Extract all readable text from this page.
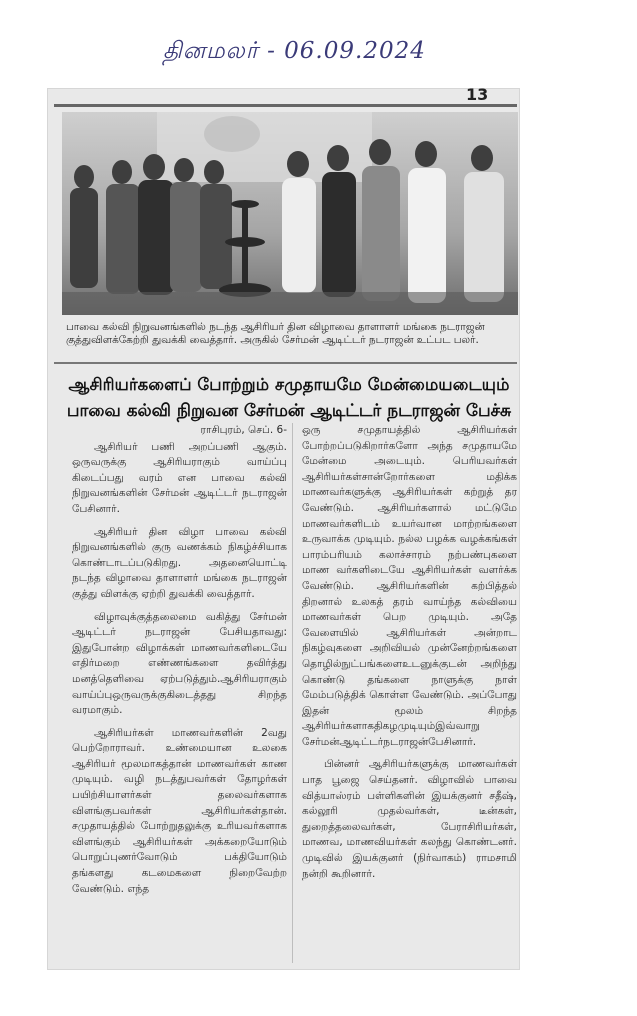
தினமலர் - 06.09.2024
13
பாவை கல்வி நிறுவனங்களில் நடந்த ஆசிரியர் தின விழாவை தாளாளர் மங்கை நடராஜன் குத்துவிளக்கேற்றி துவக்கி வைத்தார். அருகில் சேர்மன் ஆடிட்டர் நடராஜன் உட்பட பலர்.
ஆசிரியர்களைப் போற்றும் சமுதாயமே மேன்மையடையும்
பாவை கல்வி நிறுவன சேர்மன் ஆடிட்டர் நடராஜன் பேச்சு
ராசிபுரம், செப். 6-

ஆசிரியர் பணி அறப்பணி ஆகும். ஒருவருக்கு ஆசிரியராகும் வாய்ப்பு கிடைப்பது வரம் என பாவை கல்வி நிறுவனங்களின் சேர்மன் ஆடிட்டர் நடராஜன் பேசினார்.

ஆசிரியர் தின விழா பாவை கல்வி நிறுவனங்களில் குரு வணக்கம் நிகழ்ச்சியாக கொண்டாடப்படுகிறது. அதனையொட்டி நடந்த விழாவை தாளாளர் மங்கை நடராஜன் குத்து விளக்கு ஏற்றி துவக்கி வைத்தார்.

விழாவுக்குத்தலைமை வகித்து சேர்மன் ஆடிட்டர் நடராஜன் பேசியதாவது: இதுபோன்ற விழாக்கள் மாணவர்களிடையே எதிர்மறை எண்ணங்களை தவிர்த்து மனத்தெளிவை ஏற்படுத்தும்.ஆசிரியராகும் வாய்ப்புஒருவருக்குகிடைத்தது சிறந்த வரமாகும்.

ஆசிரியர்கள் மாணவர்களின் 2வது பெற்றோராவர். உண்மையான உலகை ஆசிரியர் மூலமாகத்தான் மாணவர்கள் காண முடியும். வழி நடத்துபவர்கள் தோழர்கள் பயிற்சியாளர்கள் தலைவர்களாக விளங்குபவர்கள் ஆசிரியர்கள்தான். சமுதாயத்தில் போற்றுதலுக்கு உரியவர்களாக விளங்கும் ஆசிரியர்கள் அக்கறையோடும் பொறுப்புணர்வோடும் பக்தியோடும் தங்களது கடமைகளை நிறைவேற்ற வேண்டும். எந்த

ஒரு சமுதாயத்தில் ஆசிரியர்கள் போற்றப்படுகிறார்களோ அந்த சமுதாயமே மேன்மை அடையும். பெரியவர்கள் ஆசிரியர்கள்சான்றோர்களை மதிக்க மாணவர்களுக்கு ஆசிரியர்கள் கற்றுத் தர வேண்டும். ஆசிரியர்களால் மட்டுமே மாணவர்களிடம் உயர்வான மாற்றங்களை உருவாக்க முடியும். நல்ல பழக்க வழக்கங்கள் பாரம்பரியம் கலாச்சாரம் நற்பண்புகளை மாண வர்களிடையே ஆசிரியர்கள் வளர்க்க வேண்டும். ஆசிரியர்களின் கற்பித்தல் திறனால் உலகத் தரம் வாய்ந்த கல்வியை மாணவர்கள் பெற முடியும். அதே வேளையில் ஆசிரியர்கள் அன்றாட நிகழ்வுகளை அறிவியல் முன்னேற்றங்களை தொழில்நுட்பங்களைஉடனுக்குடன் அறிந்து கொண்டு தங்களை நாளுக்கு நாள் மேம்படுத்திக் கொள்ள வேண்டும். அப்போது இதன் மூலம் சிறந்த ஆசிரியர்களாகதிகழமுடியும்இவ்வாறு சேர்மன்ஆடிட்டர்நடராஜன்பேசினார்.

பின்னர் ஆசிரியர்களுக்கு மாணவர்கள் பாத பூஜை செய்தனர். விழாவில் பாவை வித்யாஸ்ரம் பள்ளிகளின் இயக்குனர் சதீஷ், கல்லூரி முதல்வர்கள், டீன்கள், துறைத்தலைவர்கள், பேராசிரியர்கள், மாணவ, மாணவியர்கள் கலந்து கொண்டனர். முடிவில் இயக்குனர் (நிர்வாகம்) ராமசாமி நன்றி கூறினார்.
